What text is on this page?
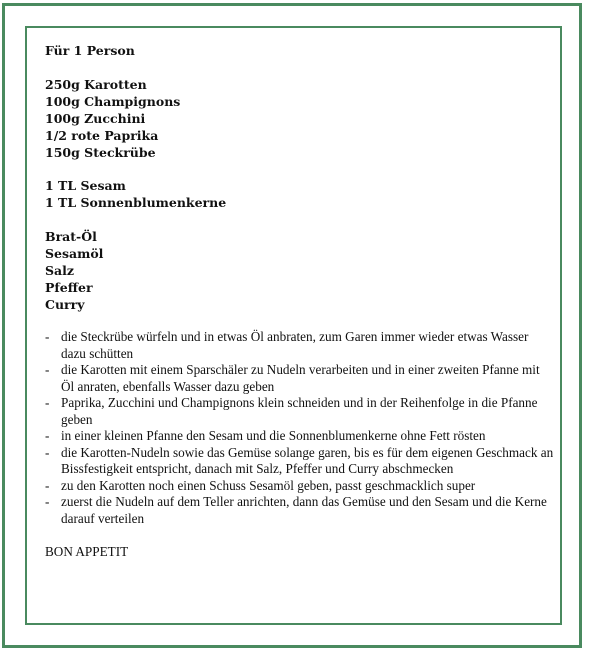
Für 1 Person
250g Karotten
100g Champignons
100g Zucchini
1/2 rote Paprika
150g Steckrübe
1 TL Sesam
1 TL Sonnenblumenkerne
Brat-Öl
Sesamöl
Salz
Pfeffer
Curry
- die Steckrübe würfeln und in etwas Öl anbraten, zum Garen immer wieder etwas Wasser dazu schütten
- die Karotten mit einem Sparschäler zu Nudeln verarbeiten und in einer zweiten Pfanne mit Öl anraten, ebenfalls Wasser dazu geben
- Paprika, Zucchini und Champignons klein schneiden und in der Reihenfolge in die Pfanne geben
- in einer kleinen Pfanne den Sesam und die Sonnenblumenkerne ohne Fett rösten
- die Karotten-Nudeln sowie das Gemüse solange garen, bis es für dem eigenen Geschmack an Bissfestigkeit entspricht, danach mit Salz, Pfeffer und Curry abschmecken
- zu den Karotten noch einen Schuss Sesamöl geben, passt geschmacklich super
- zuerst die Nudeln auf dem Teller anrichten, dann das Gemüse und den Sesam und die Kerne darauf verteilen
BON APPETIT
